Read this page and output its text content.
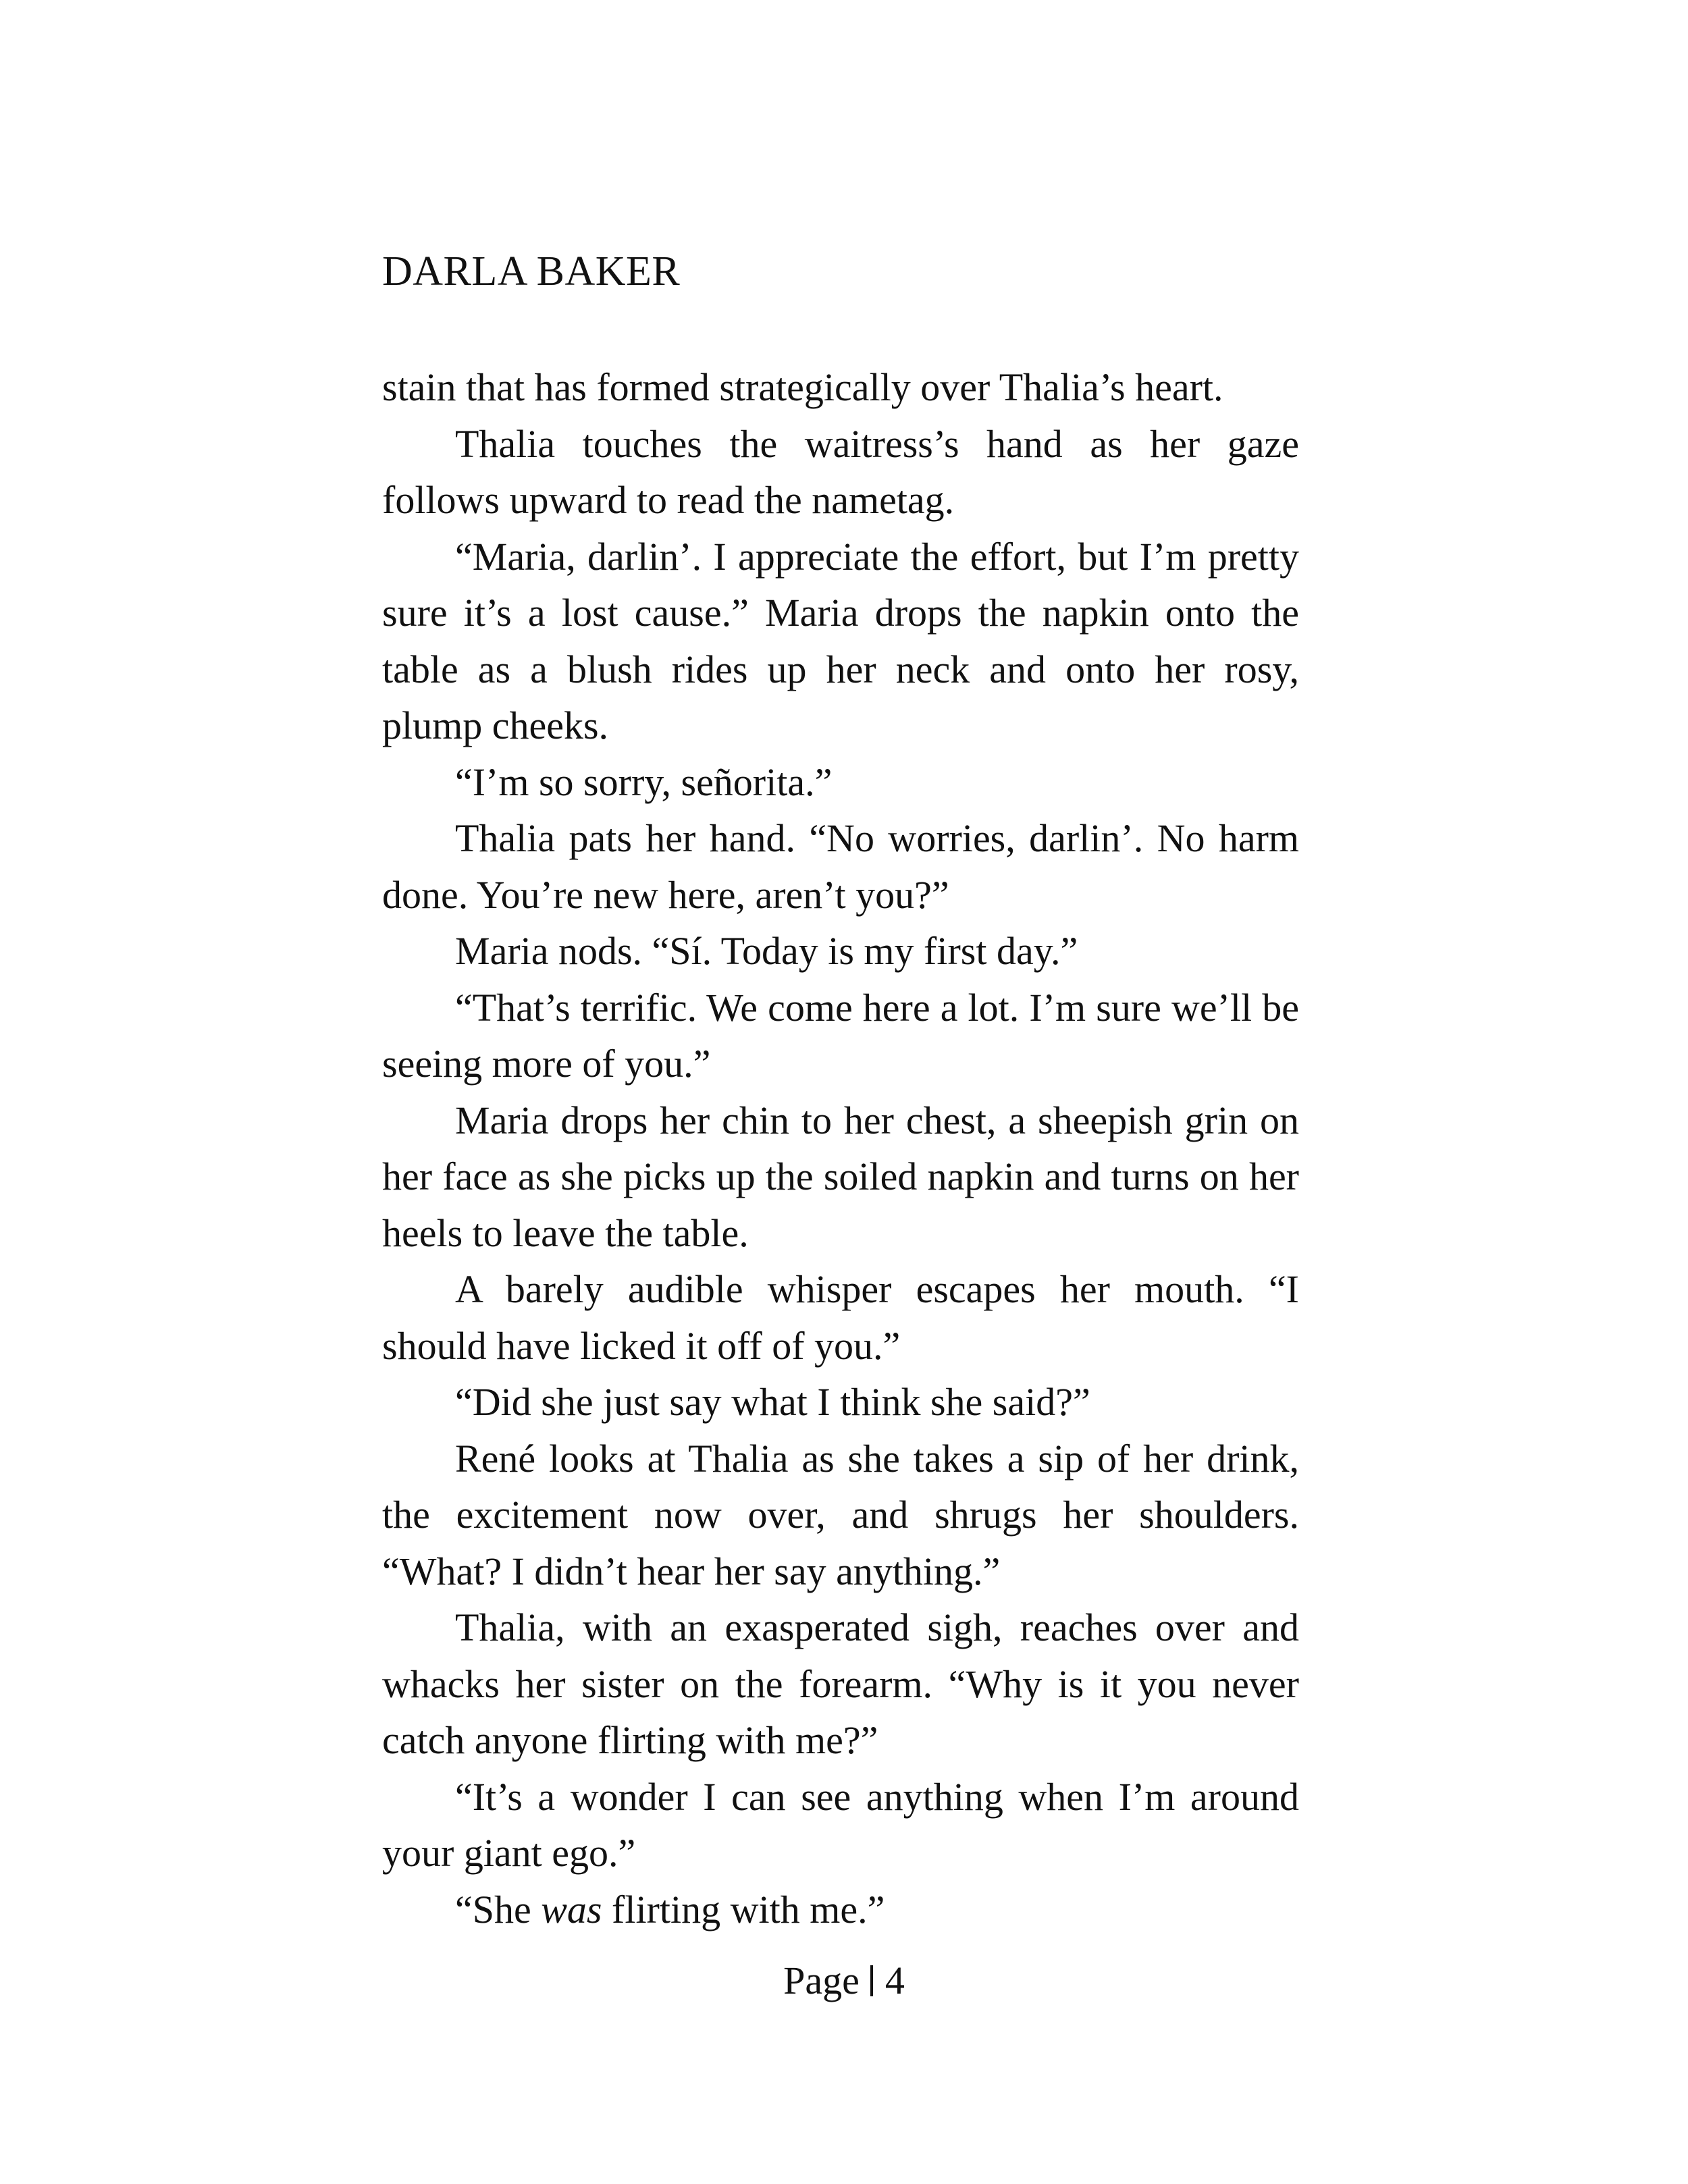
DARLA BAKER

stain that has formed strategically over Thalia’s heart.

Thalia touches the waitress’s hand as her gaze follows upward to read the nametag.

“Maria, darlin’. I appreciate the effort, but I’m pretty sure it’s a lost cause.” Maria drops the napkin onto the table as a blush rides up her neck and onto her rosy, plump cheeks.

“I’m so sorry, señorita.”

Thalia pats her hand. “No worries, darlin’. No harm done. You’re new here, aren’t you?”

Maria nods. “Sí. Today is my first day.”

“That’s terrific. We come here a lot. I’m sure we’ll be seeing more of you.”

Maria drops her chin to her chest, a sheepish grin on her face as she picks up the soiled napkin and turns on her heels to leave the table.

A barely audible whisper escapes her mouth. “I should have licked it off of you.”

“Did she just say what I think she said?”

René looks at Thalia as she takes a sip of her drink, the excitement now over, and shrugs her shoulders. “What? I didn’t hear her say anything.”

Thalia, with an exasperated sigh, reaches over and whacks her sister on the forearm. “Why is it you never catch anyone flirting with me?”

“It’s a wonder I can see anything when I’m around your giant ego.”

“She was flirting with me.”

Page 4
